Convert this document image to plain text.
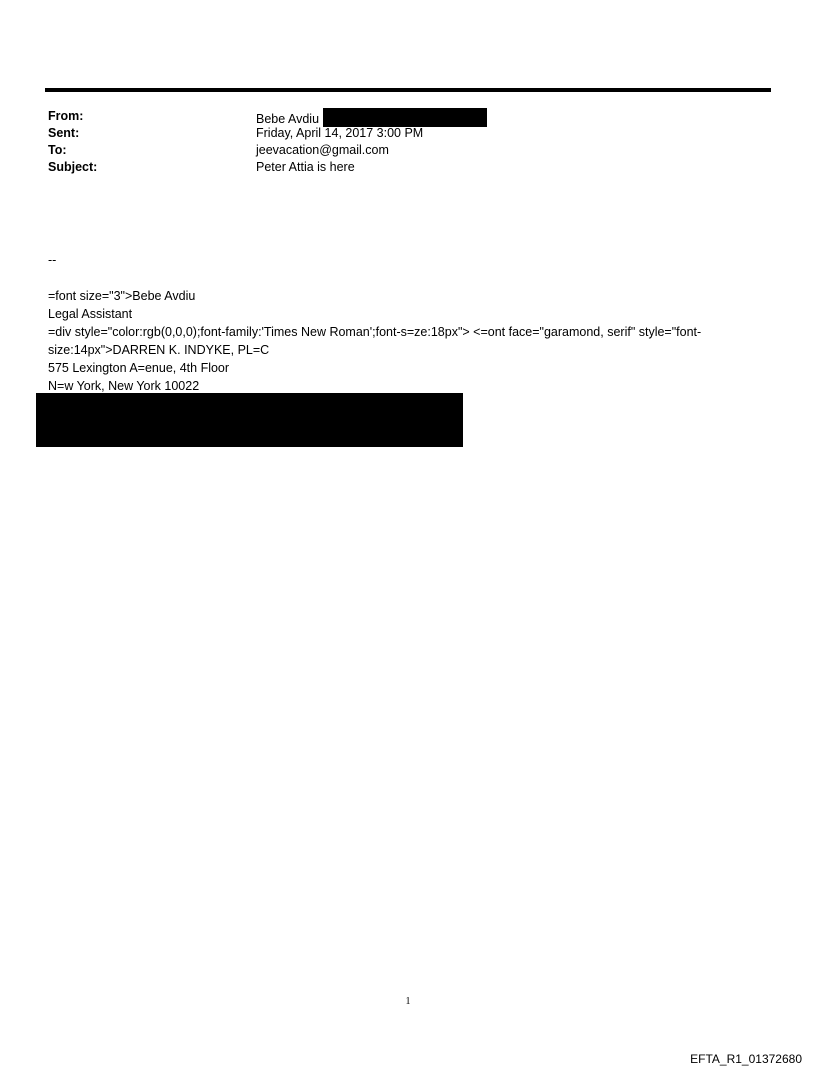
From:	Bebe Avdiu
Sent:	Friday, April 14, 2017 3:00 PM
To:	jeevacation@gmail.com
Subject:	Peter Attia is here
--
=font size="3">Bebe Avdiu
Legal Assistant
=div style="color:rgb(0,0,0);font-family:'Times New Roman';font-s=ze:18px"> <=ont face="garamond, serif" style="font-size:14px">DARREN K. INDYKE, PL=C
575 Lexington A=enue, 4th Floor
N=w York, New York 10022
1
EFTA_R1_01372680
